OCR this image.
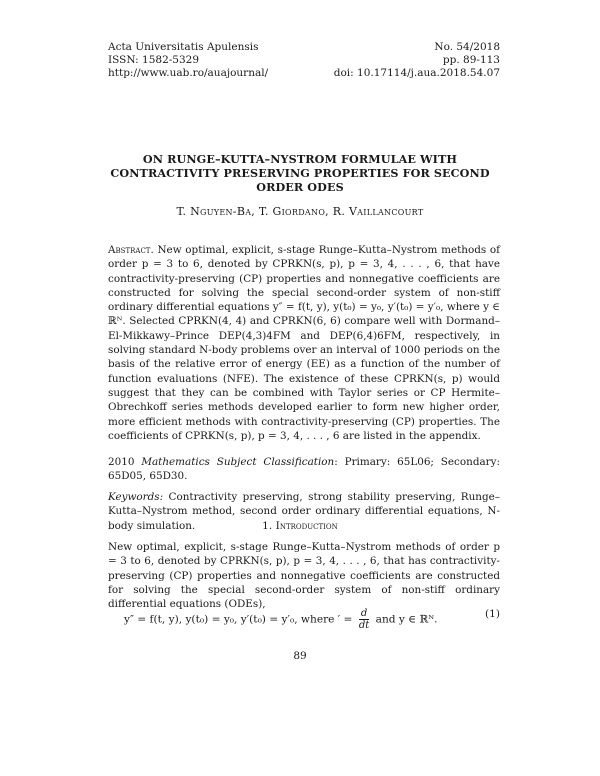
Acta Universitatis Apulensis
ISSN: 1582-5329
http://www.uab.ro/auajournal/
No. 54/2018
pp. 89-113
doi: 10.17114/j.aua.2018.54.07
ON RUNGE–KUTTA–NYSTROM FORMULAE WITH
CONTRACTIVITY PRESERVING PROPERTIES FOR SECOND
ORDER ODES
T. Nguyen-Ba, T. Giordano, R. Vaillancourt
Abstract. New optimal, explicit, s-stage Runge–Kutta–Nystrom methods of order p = 3 to 6, denoted by CPRKN(s, p), p = 3, 4, . . . , 6, that have contractivity-preserving (CP) properties and nonnegative coefficients are constructed for solving the special second-order system of non-stiff ordinary differential equations y″ = f(t, y), y(t₀) = y₀, y′(t₀) = y′₀, where y ∈ ℝᴺ. Selected CPRKN(4, 4) and CPRKN(6, 6) compare well with Dormand–El-Mikkawy–Prince DEP(4,3)4FM and DEP(6,4)6FM, respectively, in solving standard N-body problems over an interval of 1000 periods on the basis of the relative error of energy (EE) as a function of the number of function evaluations (NFE). The existence of these CPRKN(s, p) would suggest that they can be combined with Taylor series or CP Hermite–Obrechkoff series methods developed earlier to form new higher order, more efficient methods with contractivity-preserving (CP) properties. The coefficients of CPRKN(s, p), p = 3, 4, . . . , 6 are listed in the appendix.
2010 Mathematics Subject Classification: Primary: 65L06; Secondary: 65D05, 65D30.
Keywords: Contractivity preserving, strong stability preserving, Runge–Kutta–Nystrom method, second order ordinary differential equations, N-body simulation.	1. Introduction
New optimal, explicit, s-stage Runge–Kutta–Nystrom methods of order p = 3 to 6, denoted by CPRKN(s, p), p = 3, 4, . . . , 6, that has contractivity-preserving (CP) properties and nonnegative coefficients are constructed for solving the special second-order system of non-stiff ordinary differential equations (ODEs),
y″ = f(t, y), y(t₀) = y₀, y′(t₀) = y′₀, where ′ = $\frac{d}{dt}$ and y ∈ ℝᴺ.	(1)
89
